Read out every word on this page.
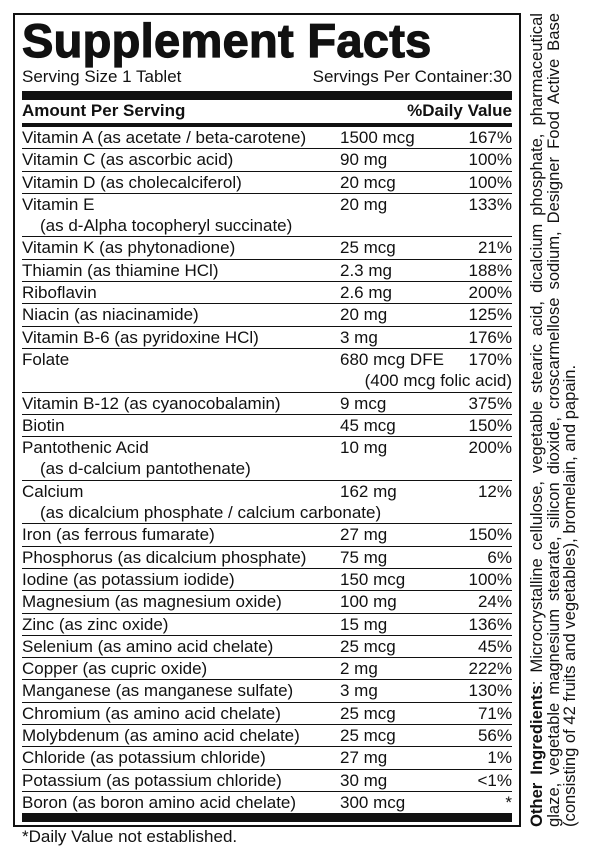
Supplement Facts
Serving Size 1 Tablet	Servings Per Container:30
Amount Per Serving	%Daily Value
Vitamin A (as acetate / beta-carotene)	1500 mcg	167%
Vitamin C (as ascorbic acid)	90 mg	100%
Vitamin D (as cholecalciferol)	20 mcg	100%
Vitamin E	20 mg	133%
(as d-Alpha tocopheryl succinate)
Vitamin K (as phytonadione)	25 mcg	21%
Thiamin (as thiamine HCl)	2.3 mg	188%
Riboflavin	2.6 mg	200%
Niacin (as niacinamide)	20 mg	125%
Vitamin B-6 (as pyridoxine HCl)	3 mg	176%
Folate	680 mcg DFE	170%
(400 mcg folic acid)
Vitamin B-12 (as cyanocobalamin)	9 mcg	375%
Biotin	45 mcg	150%
Pantothenic Acid	10 mg	200%
(as d-calcium pantothenate)
Calcium	162 mg	12%
(as dicalcium phosphate / calcium carbonate)
Iron (as ferrous fumarate)	27 mg	150%
Phosphorus (as dicalcium phosphate)	75 mg	6%
Iodine (as potassium iodide)	150 mcg	100%
Magnesium (as magnesium oxide)	100 mg	24%
Zinc (as zinc oxide)	15 mg	136%
Selenium (as amino acid chelate)	25 mcg	45%
Copper (as cupric oxide)	2 mg	222%
Manganese (as manganese sulfate)	3 mg	130%
Chromium (as amino acid chelate)	25 mcg	71%
Molybdenum (as amino acid chelate)	25 mcg	56%
Chloride (as potassium chloride)	27 mg	1%
Potassium (as potassium chloride)	30 mg	<1%
Boron (as boron amino acid chelate)	300 mcg	*
*Daily Value not established.
Other Ingredients: Microcrystalline cellulose, vegetable stearic acid, dicalcium phosphate, pharmaceutical glaze, vegetable magnesium stearate, silicon dioxide, croscarmellose sodium, Designer Food Active Base (consisting of 42 fruits and vegetables), bromelain, and papain.
